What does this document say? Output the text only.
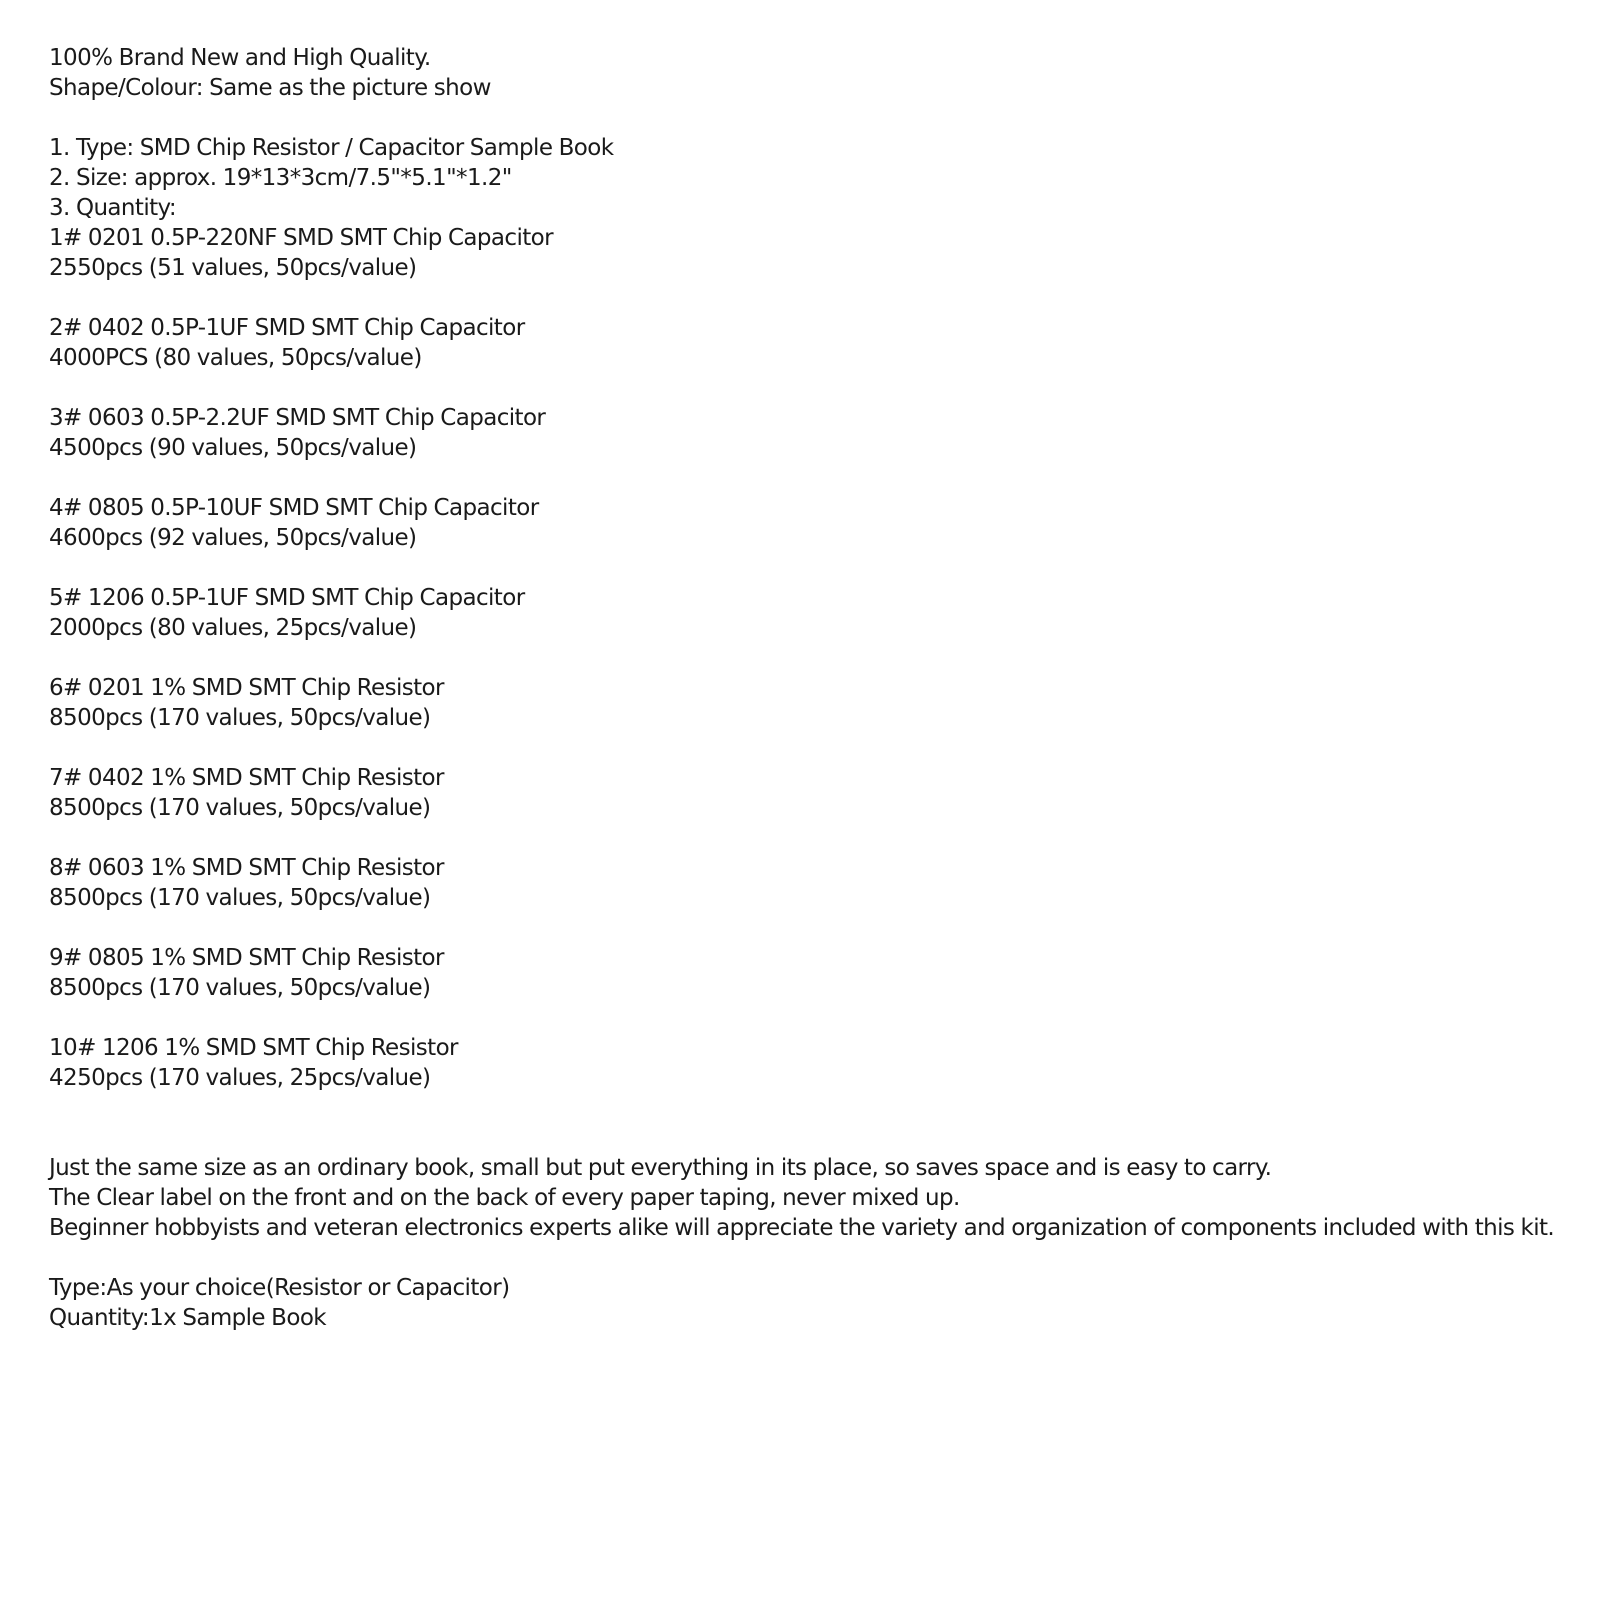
100% Brand New and High Quality.
Shape/Colour: Same as the picture show
1. Type: SMD Chip Resistor / Capacitor Sample Book
2. Size: approx. 19*13*3cm/7.5"*5.1"*1.2"
3. Quantity:
1# 0201 0.5P-220NF SMD SMT Chip Capacitor
2550pcs (51 values, 50pcs/value)
2# 0402 0.5P-1UF SMD SMT Chip Capacitor
4000PCS (80 values, 50pcs/value)
3# 0603 0.5P-2.2UF SMD SMT Chip Capacitor
4500pcs (90 values, 50pcs/value)
4# 0805 0.5P-10UF SMD SMT Chip Capacitor
4600pcs (92 values, 50pcs/value)
5# 1206 0.5P-1UF SMD SMT Chip Capacitor
2000pcs (80 values, 25pcs/value)
6# 0201 1% SMD SMT Chip Resistor
8500pcs (170 values, 50pcs/value)
7# 0402 1% SMD SMT Chip Resistor
8500pcs (170 values, 50pcs/value)
8# 0603 1% SMD SMT Chip Resistor
8500pcs (170 values, 50pcs/value)
9# 0805 1% SMD SMT Chip Resistor
8500pcs (170 values, 50pcs/value)
10# 1206 1% SMD SMT Chip Resistor
4250pcs (170 values, 25pcs/value)
Just the same size as an ordinary book, small but put everything in its place, so saves space and is easy to carry.
The Clear label on the front and on the back of every paper taping, never mixed up.
Beginner hobbyists and veteran electronics experts alike will appreciate the variety and organization of components included with this kit.
Type:As your choice(Resistor or Capacitor)
Quantity:1x Sample Book
